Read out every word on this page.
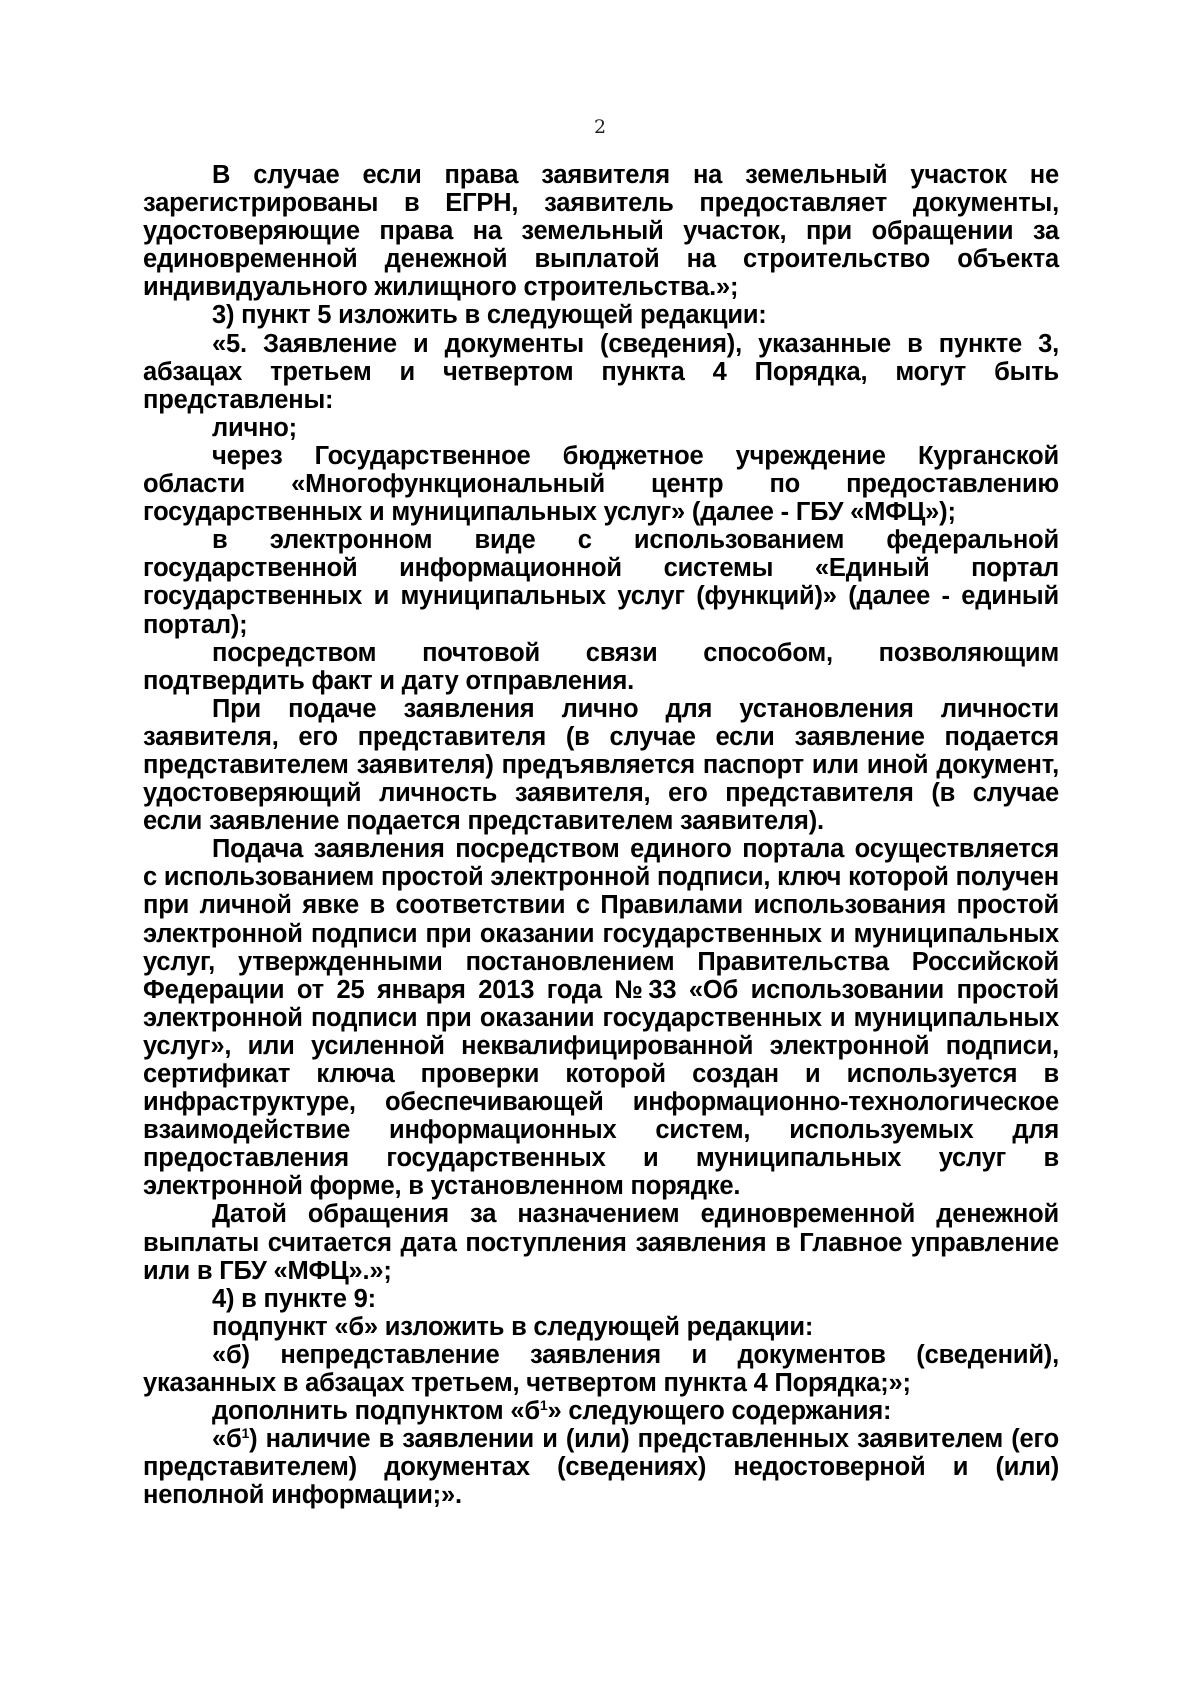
2

В случае если права заявителя на земельный участок не зарегистрированы в ЕГРН, заявитель предоставляет документы, удостоверяющие права на земельный участок, при обращении за единовременной денежной выплатой на строительство объекта индивидуального жилищного строительства.»;

3) пункт 5 изложить в следующей редакции:

«5. Заявление и документы (сведения), указанные в пункте 3, абзацах третьем и четвертом пункта 4 Порядка, могут быть представлены:

лично;

через Государственное бюджетное учреждение Курганской области «Многофункциональный центр по предоставлению государственных и муниципальных услуг» (далее - ГБУ «МФЦ»);

в электронном виде с использованием федеральной государственной информационной системы «Единый портал государственных и муниципальных услуг (функций)» (далее - единый портал);

посредством почтовой связи способом, позволяющим подтвердить факт и дату отправления.

При подаче заявления лично для установления личности заявителя, его представителя (в случае если заявление подается представителем заявителя) предъявляется паспорт или иной документ, удостоверяющий личность заявителя, его представителя (в случае если заявление подается представителем заявителя).

Подача заявления посредством единого портала осуществляется с использованием простой электронной подписи, ключ которой получен при личной явке в соответствии с Правилами использования простой электронной подписи при оказании государственных и муниципальных услуг, утвержденными постановлением Правительства Российской Федерации от 25 января 2013 года №33 «Об использовании простой электронной подписи при оказании государственных и муниципальных услуг», или усиленной неквалифицированной электронной подписи, сертификат ключа проверки которой создан и используется в инфраструктуре, обеспечивающей информационно-технологическое взаимодействие информационных систем, используемых для предоставления государственных и муниципальных услуг в электронной форме, в установленном порядке.

Датой обращения за назначением единовременной денежной выплаты считается дата поступления заявления в Главное управление или в ГБУ «МФЦ».»;

4) в пункте 9:

подпункт «б» изложить в следующей редакции:

«б) непредставление заявления и документов (сведений), указанных в абзацах третьем, четвертом пункта 4 Порядка;»;

дополнить подпунктом «$б^1$» следующего содержания:

«$б^1$) наличие в заявлении и (или) представленных заявителем (его представителем) документах (сведениях) недостоверной и (или) неполной информации;».
